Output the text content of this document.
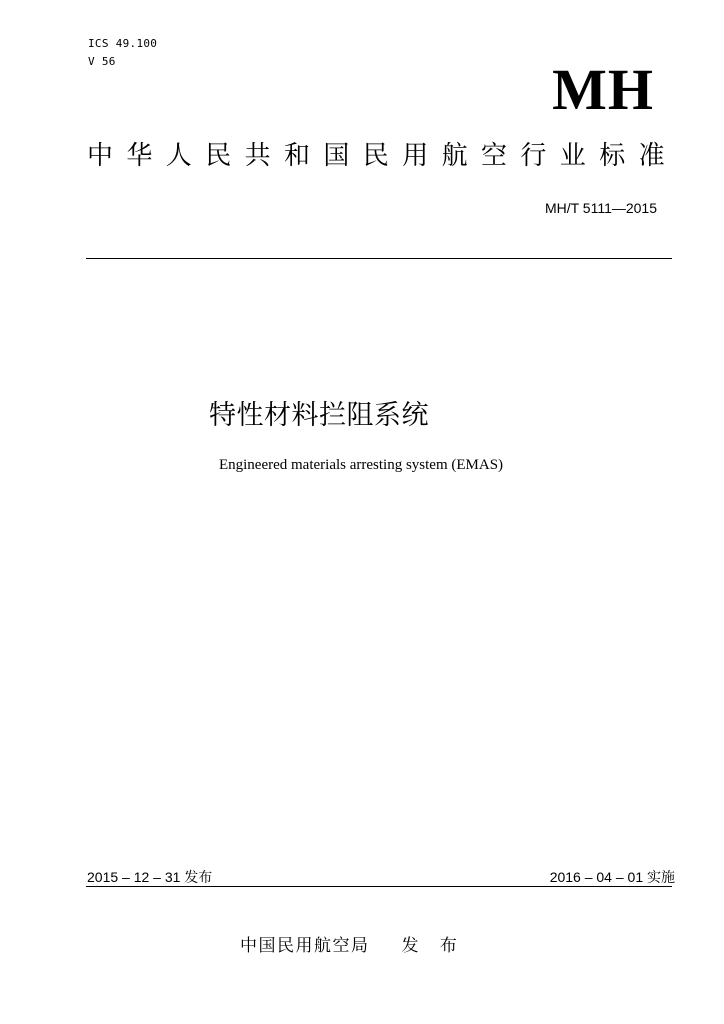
ICS 49.100
V 56	MH
中华人民共和国民用航空行业标准
MH/T 5111—2015
特性材料拦阻系统
Engineered materials arresting system (EMAS)
2015 – 12 – 31 发布	2016 – 04 – 01 实施
中国民用航空局 发 布
